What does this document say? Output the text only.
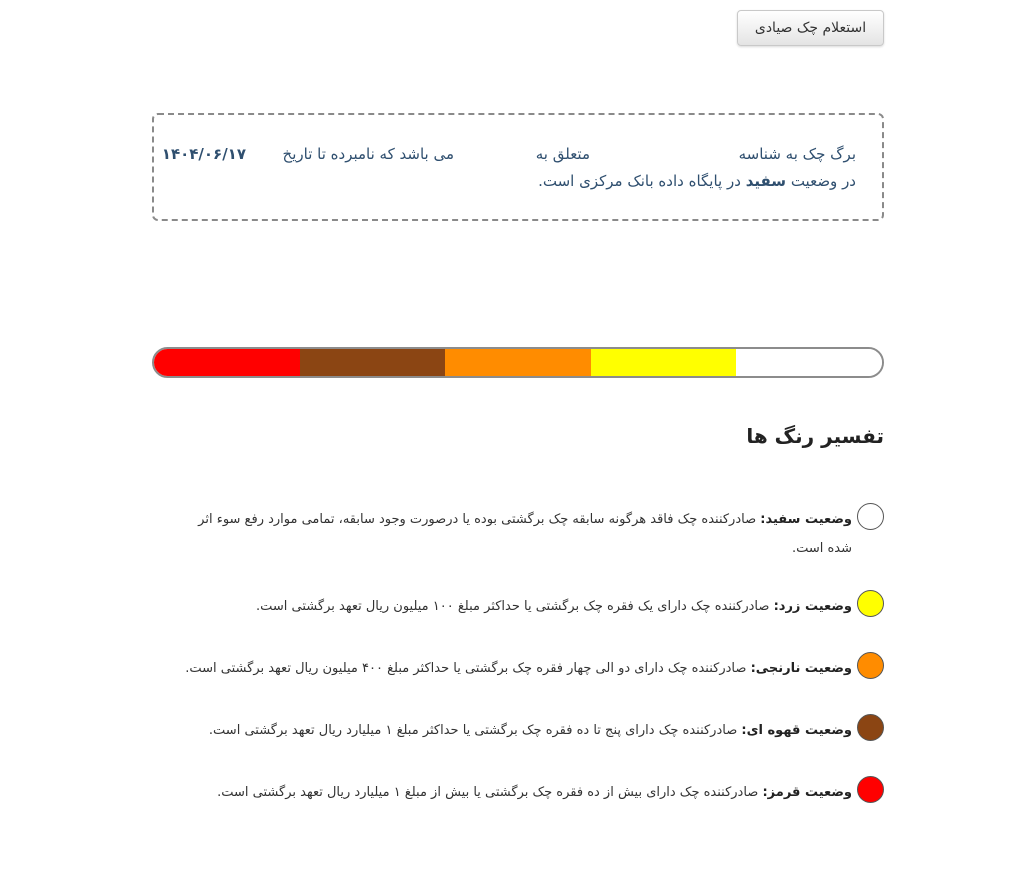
استعلام چک صیادی
برگ چک به شناسه
متعلق به
می باشد که نامبرده تا تاریخ
۱۴۰۴/۰۶/۱۷
در وضعیت سفید در پایگاه داده بانک مرکزی است.
تفسیر رنگ ها

وضعیت سفید: صادرکننده چک فاقد هرگونه سابقه چک برگشتی بوده یا درصورت وجود سابقه، تمامی موارد رفع سوء اثر شده است.

وضعیت زرد: صادرکننده چک دارای یک فقره چک برگشتی یا حداکثر مبلغ ۱۰۰ میلیون ریال تعهد برگشتی است.

وضعیت نارنجی: صادرکننده چک دارای دو الی چهار فقره چک برگشتی یا حداکثر مبلغ ۴۰۰ میلیون ریال تعهد برگشتی است.

وضعیت قهوه ای: صادرکننده چک دارای پنج تا ده فقره چک برگشتی یا حداکثر مبلغ ۱ میلیارد ریال تعهد برگشتی است.

وضعیت قرمز: صادرکننده چک دارای بیش از ده فقره چک برگشتی یا بیش از مبلغ ۱ میلیارد ریال تعهد برگشتی است.
